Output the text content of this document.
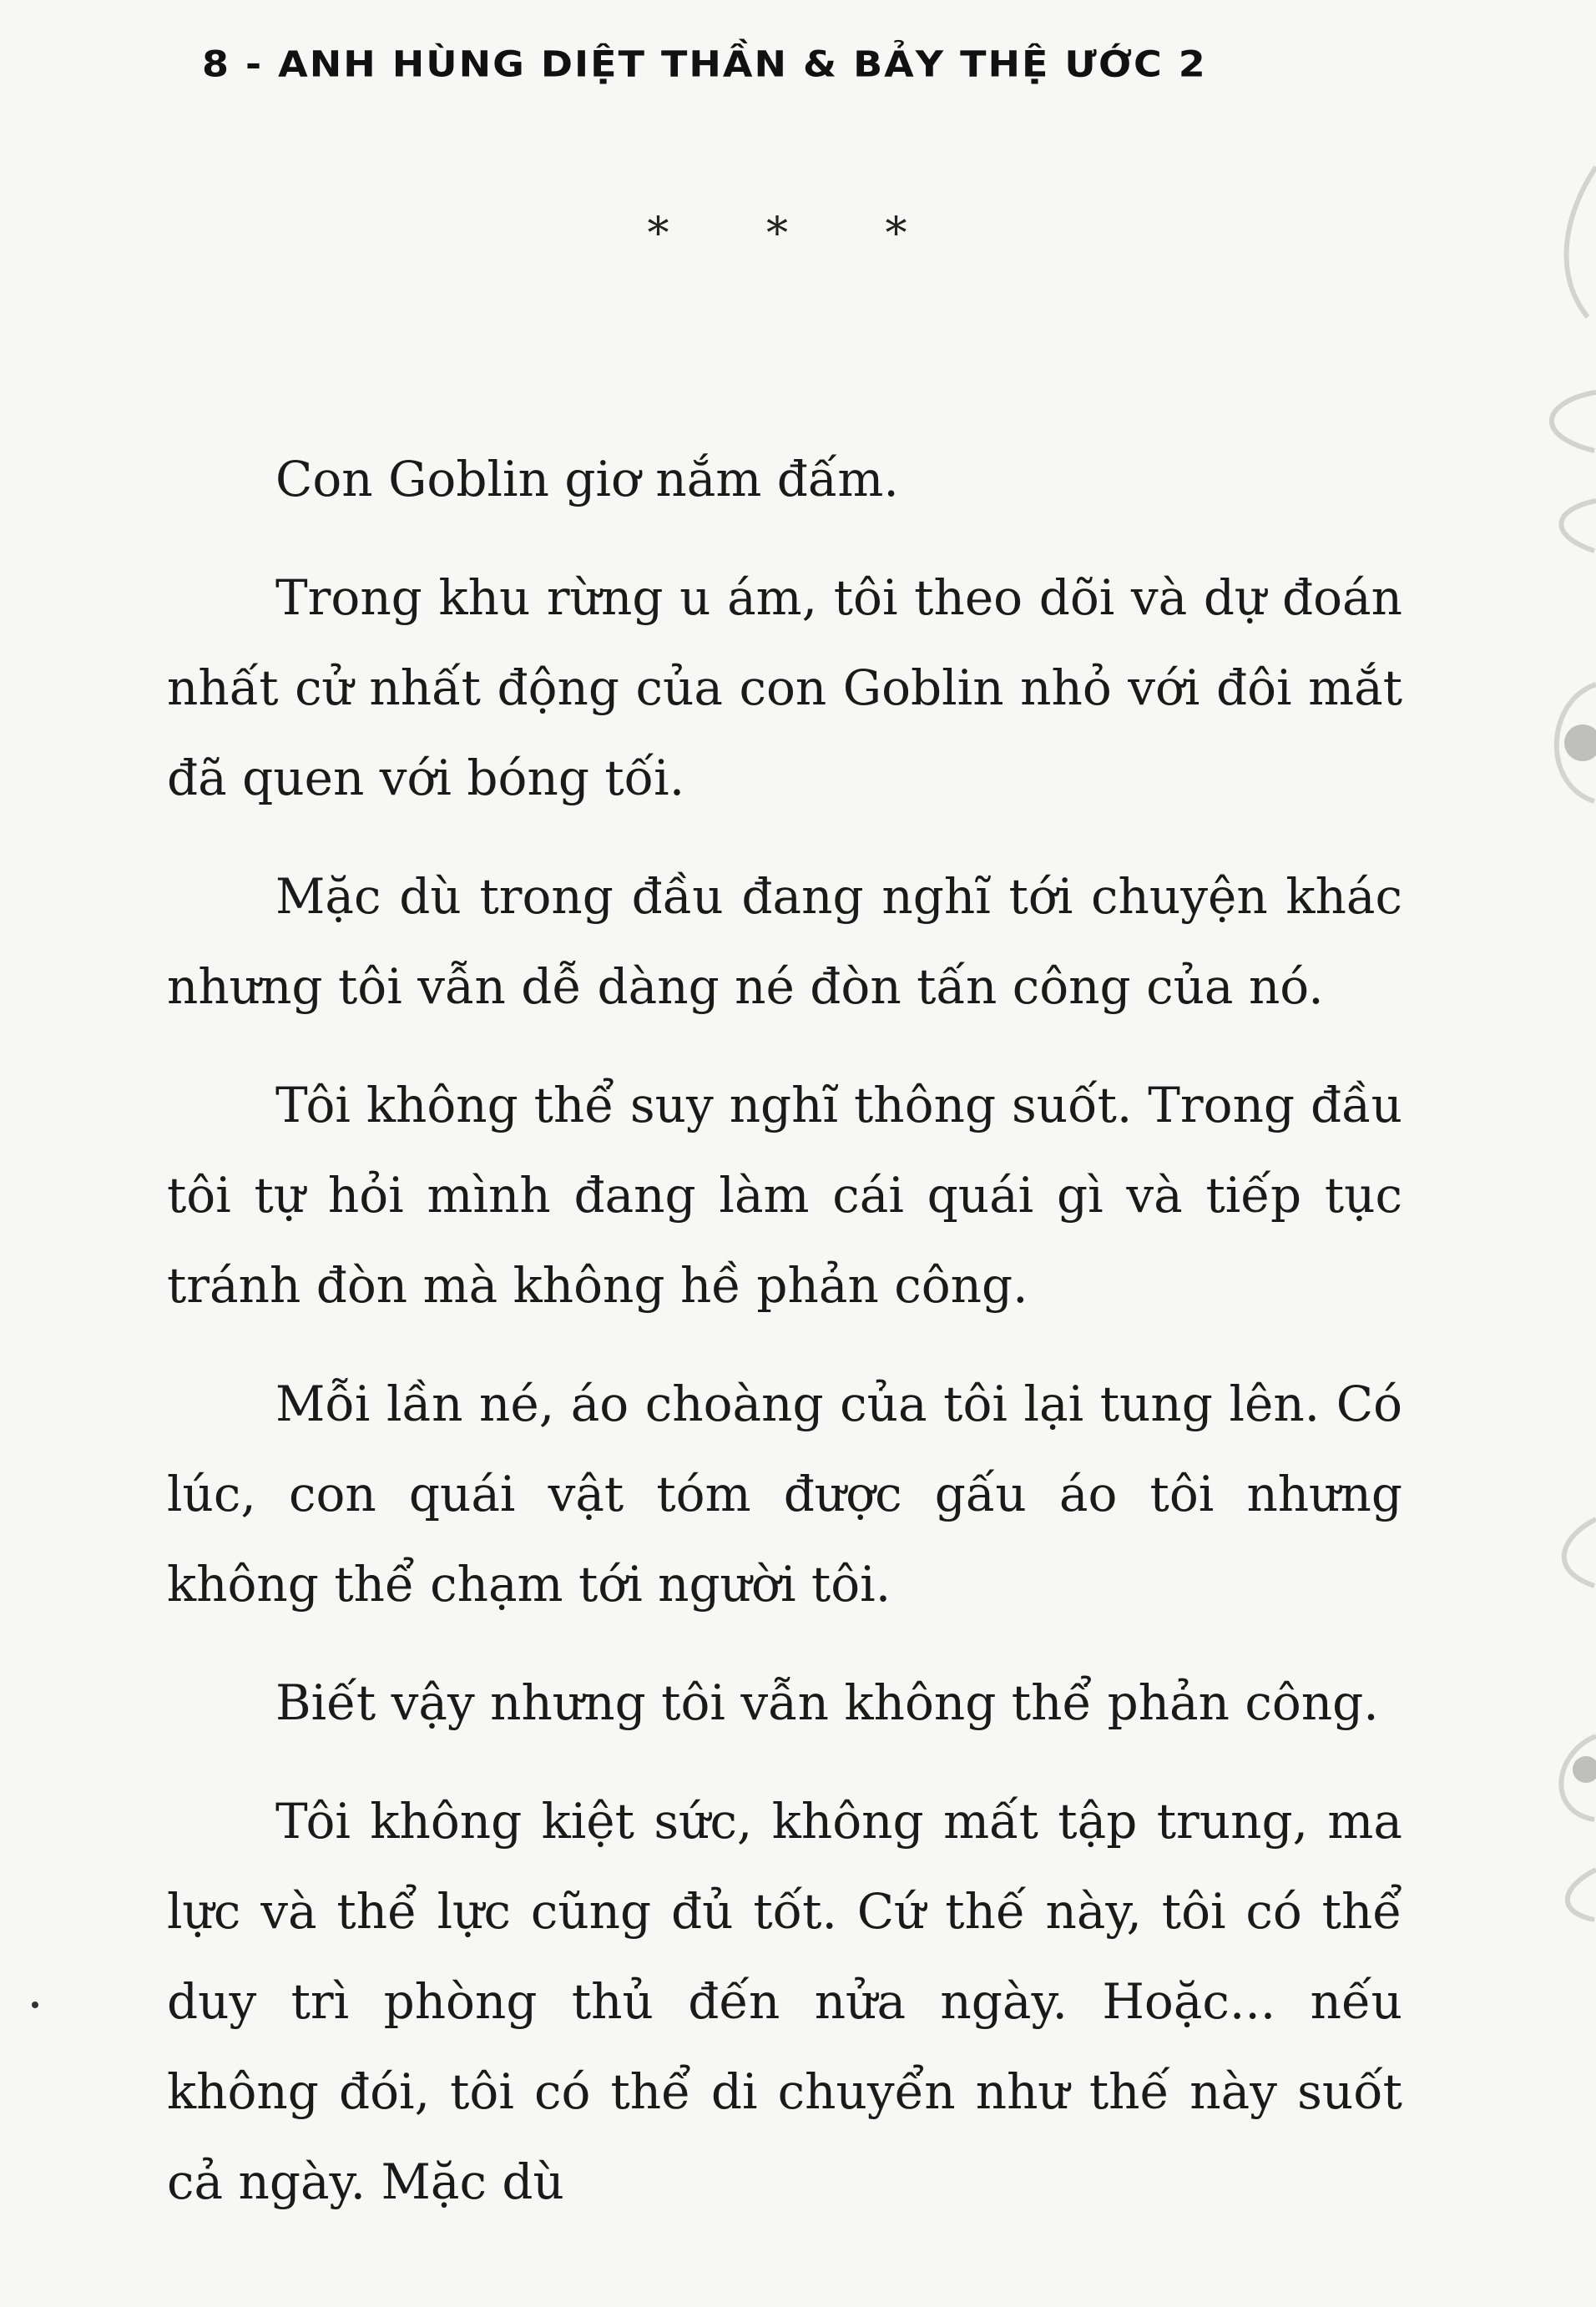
8 - ANH HÙNG DIỆT THẦN & BẢY THỆ ƯỚC 2
* * *

Con Goblin giơ nắm đấm.

Trong khu rừng u ám, tôi theo dõi và dự đoán nhất cử nhất động của con Goblin nhỏ với đôi mắt đã quen với bóng tối.

Mặc dù trong đầu đang nghĩ tới chuyện khác nhưng tôi vẫn dễ dàng né đòn tấn công của nó.

Tôi không thể suy nghĩ thông suốt. Trong đầu tôi tự hỏi mình đang làm cái quái gì và tiếp tục tránh đòn mà không hề phản công.

Mỗi lần né, áo choàng của tôi lại tung lên. Có lúc, con quái vật tóm được gấu áo tôi nhưng không thể chạm tới người tôi.

Biết vậy nhưng tôi vẫn không thể phản công.

Tôi không kiệt sức, không mất tập trung, ma lực và thể lực cũng đủ tốt. Cứ thế này, tôi có thể duy trì phòng thủ đến nửa ngày. Hoặc... nếu không đói, tôi có thể di chuyển như thế này suốt cả ngày. Mặc dù
